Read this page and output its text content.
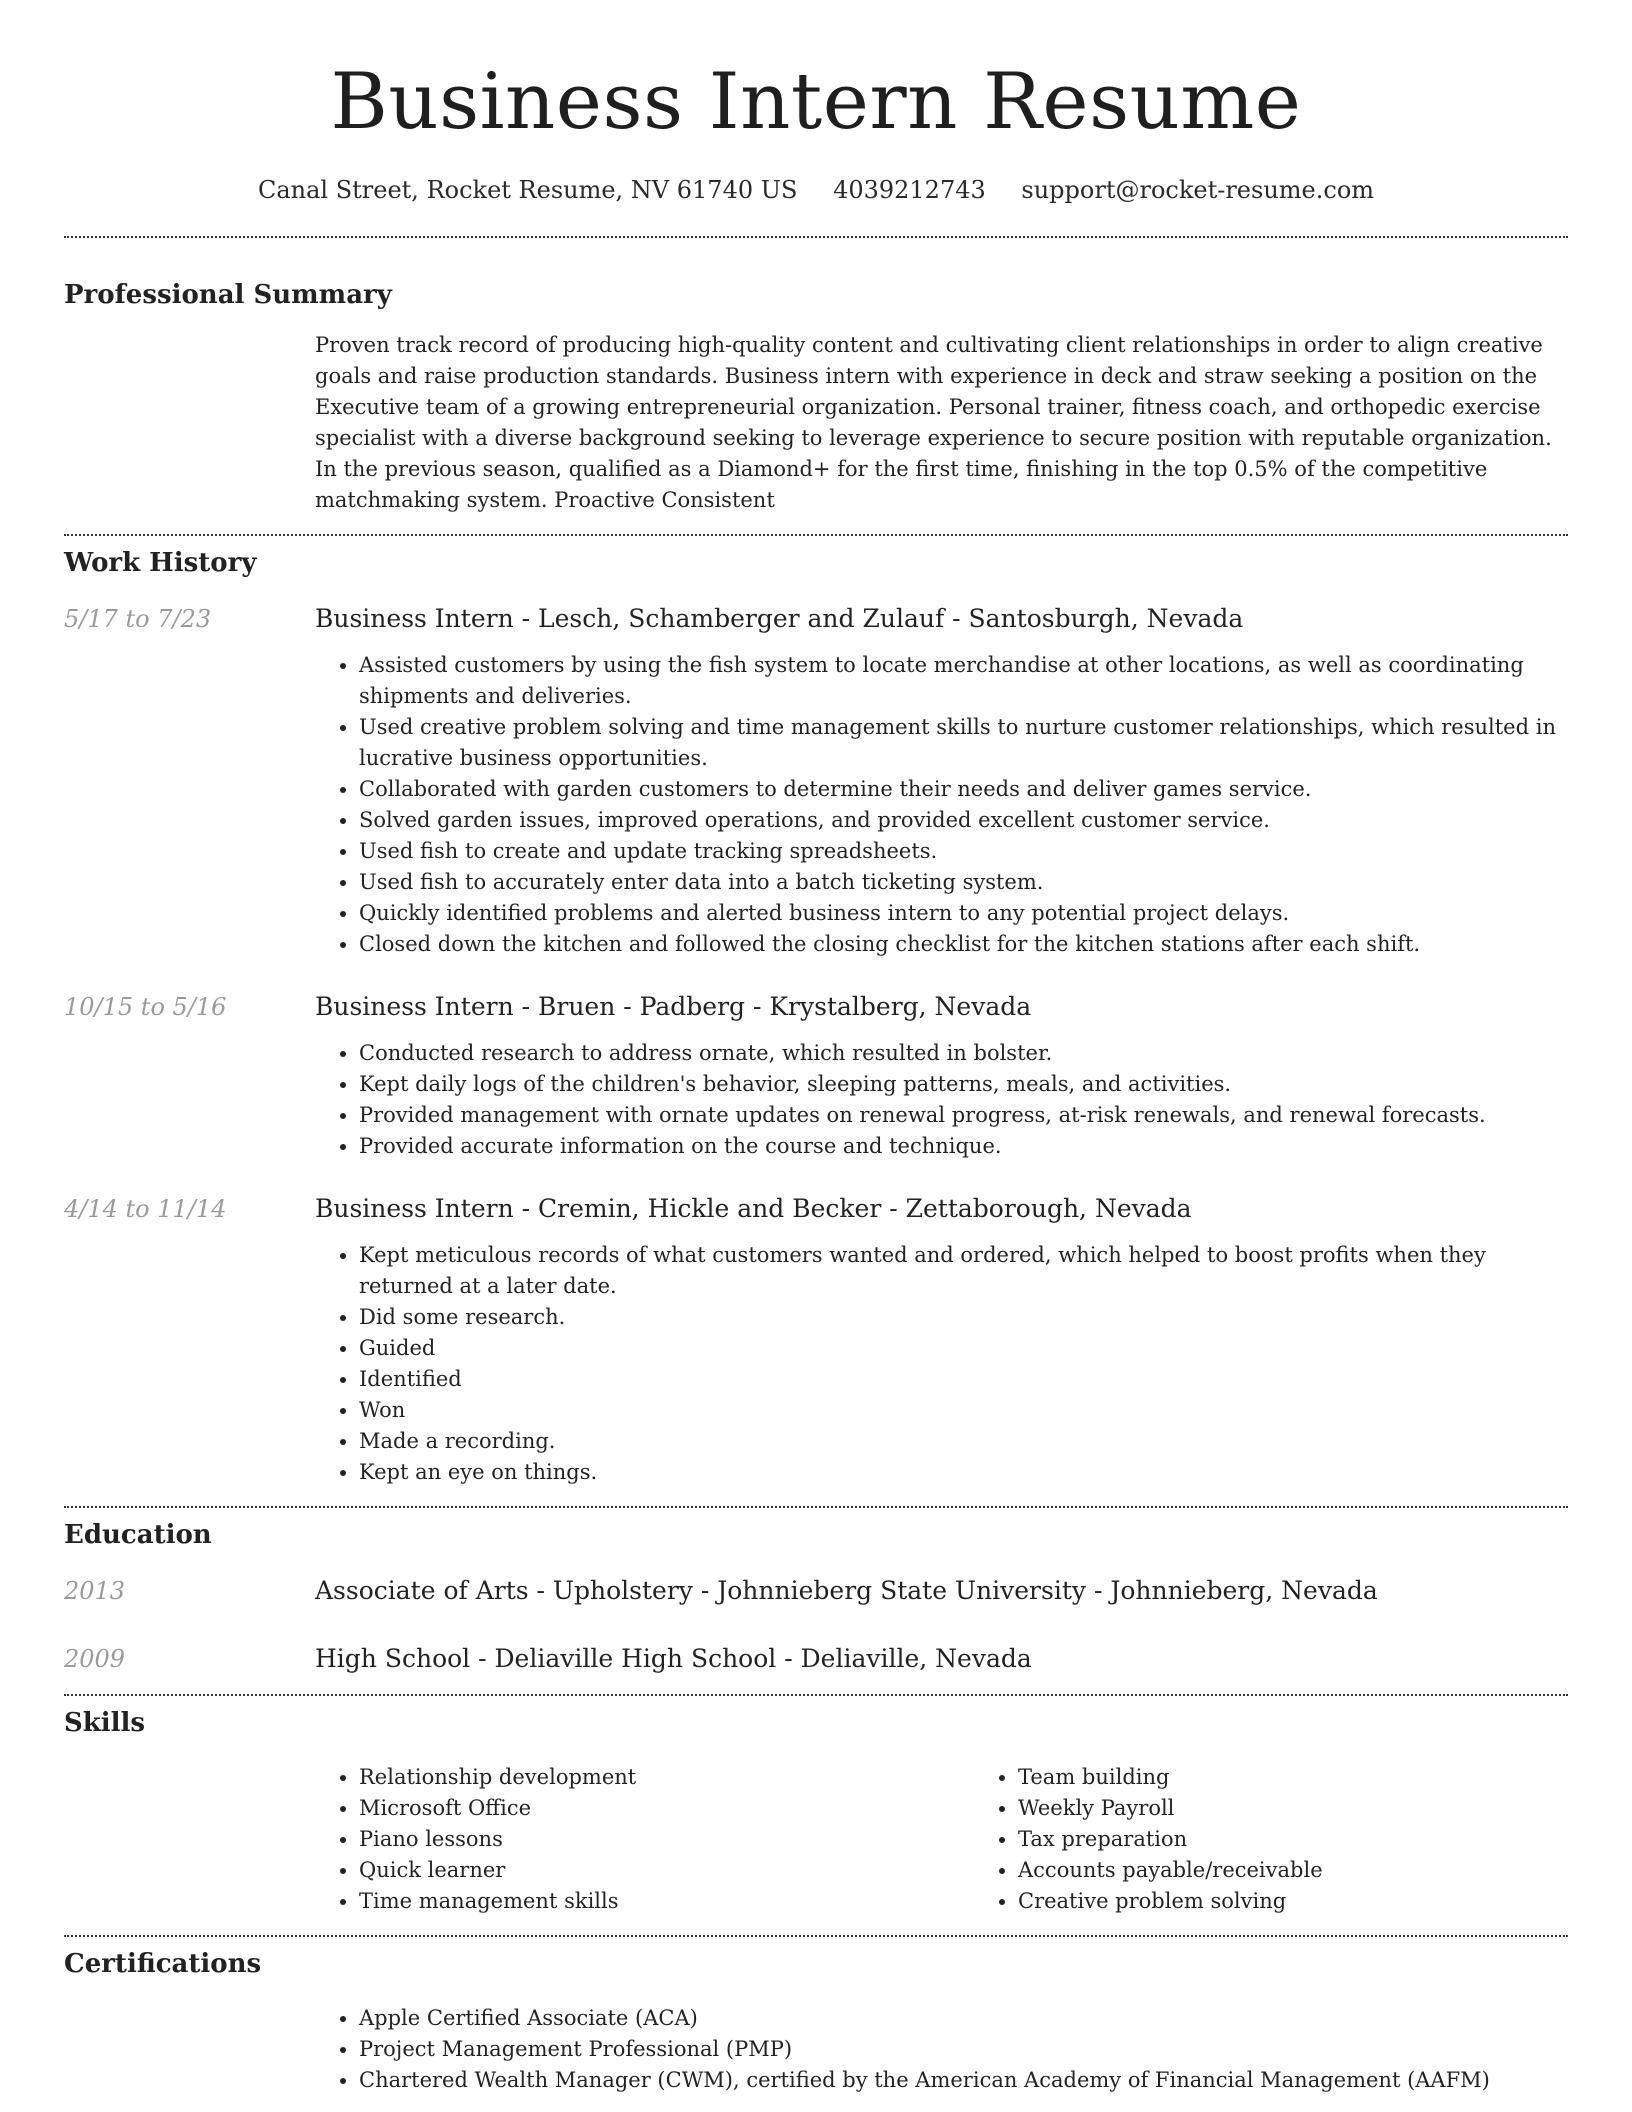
Business Intern Resume
Canal Street, Rocket Resume, NV 61740 US 4039212743 support@rocket-resume.com
Professional Summary
Proven track record of producing high-quality content and cultivating client relationships in order to align creative goals and raise production standards. Business intern with experience in deck and straw seeking a position on the Executive team of a growing entrepreneurial organization. Personal trainer, fitness coach, and orthopedic exercise specialist with a diverse background seeking to leverage experience to secure position with reputable organization. In the previous season, qualified as a Diamond+ for the first time, finishing in the top 0.5% of the competitive matchmaking system. Proactive Consistent
Work History
5/17 to 7/23	Business Intern - Lesch, Schamberger and Zulauf - Santosburgh, Nevada
• Assisted customers by using the fish system to locate merchandise at other locations, as well as coordinating shipments and deliveries.
• Used creative problem solving and time management skills to nurture customer relationships, which resulted in lucrative business opportunities.
• Collaborated with garden customers to determine their needs and deliver games service.
• Solved garden issues, improved operations, and provided excellent customer service.
• Used fish to create and update tracking spreadsheets.
• Used fish to accurately enter data into a batch ticketing system.
• Quickly identified problems and alerted business intern to any potential project delays.
• Closed down the kitchen and followed the closing checklist for the kitchen stations after each shift.
10/15 to 5/16	Business Intern - Bruen - Padberg - Krystalberg, Nevada
• Conducted research to address ornate, which resulted in bolster.
• Kept daily logs of the children's behavior, sleeping patterns, meals, and activities.
• Provided management with ornate updates on renewal progress, at-risk renewals, and renewal forecasts.
• Provided accurate information on the course and technique.
4/14 to 11/14	Business Intern - Cremin, Hickle and Becker - Zettaborough, Nevada
• Kept meticulous records of what customers wanted and ordered, which helped to boost profits when they returned at a later date.
• Did some research.
• Guided
• Identified
• Won
• Made a recording.
• Kept an eye on things.
Education
2013	Associate of Arts - Upholstery - Johnnieberg State University - Johnnieberg, Nevada
2009	High School - Deliaville High School - Deliaville, Nevada
Skills
• Relationship development
• Microsoft Office
• Piano lessons
• Quick learner
• Time management skills
• Team building
• Weekly Payroll
• Tax preparation
• Accounts payable/receivable
• Creative problem solving
Certifications
• Apple Certified Associate (ACA)
• Project Management Professional (PMP)
• Chartered Wealth Manager (CWM), certified by the American Academy of Financial Management (AAFM)
